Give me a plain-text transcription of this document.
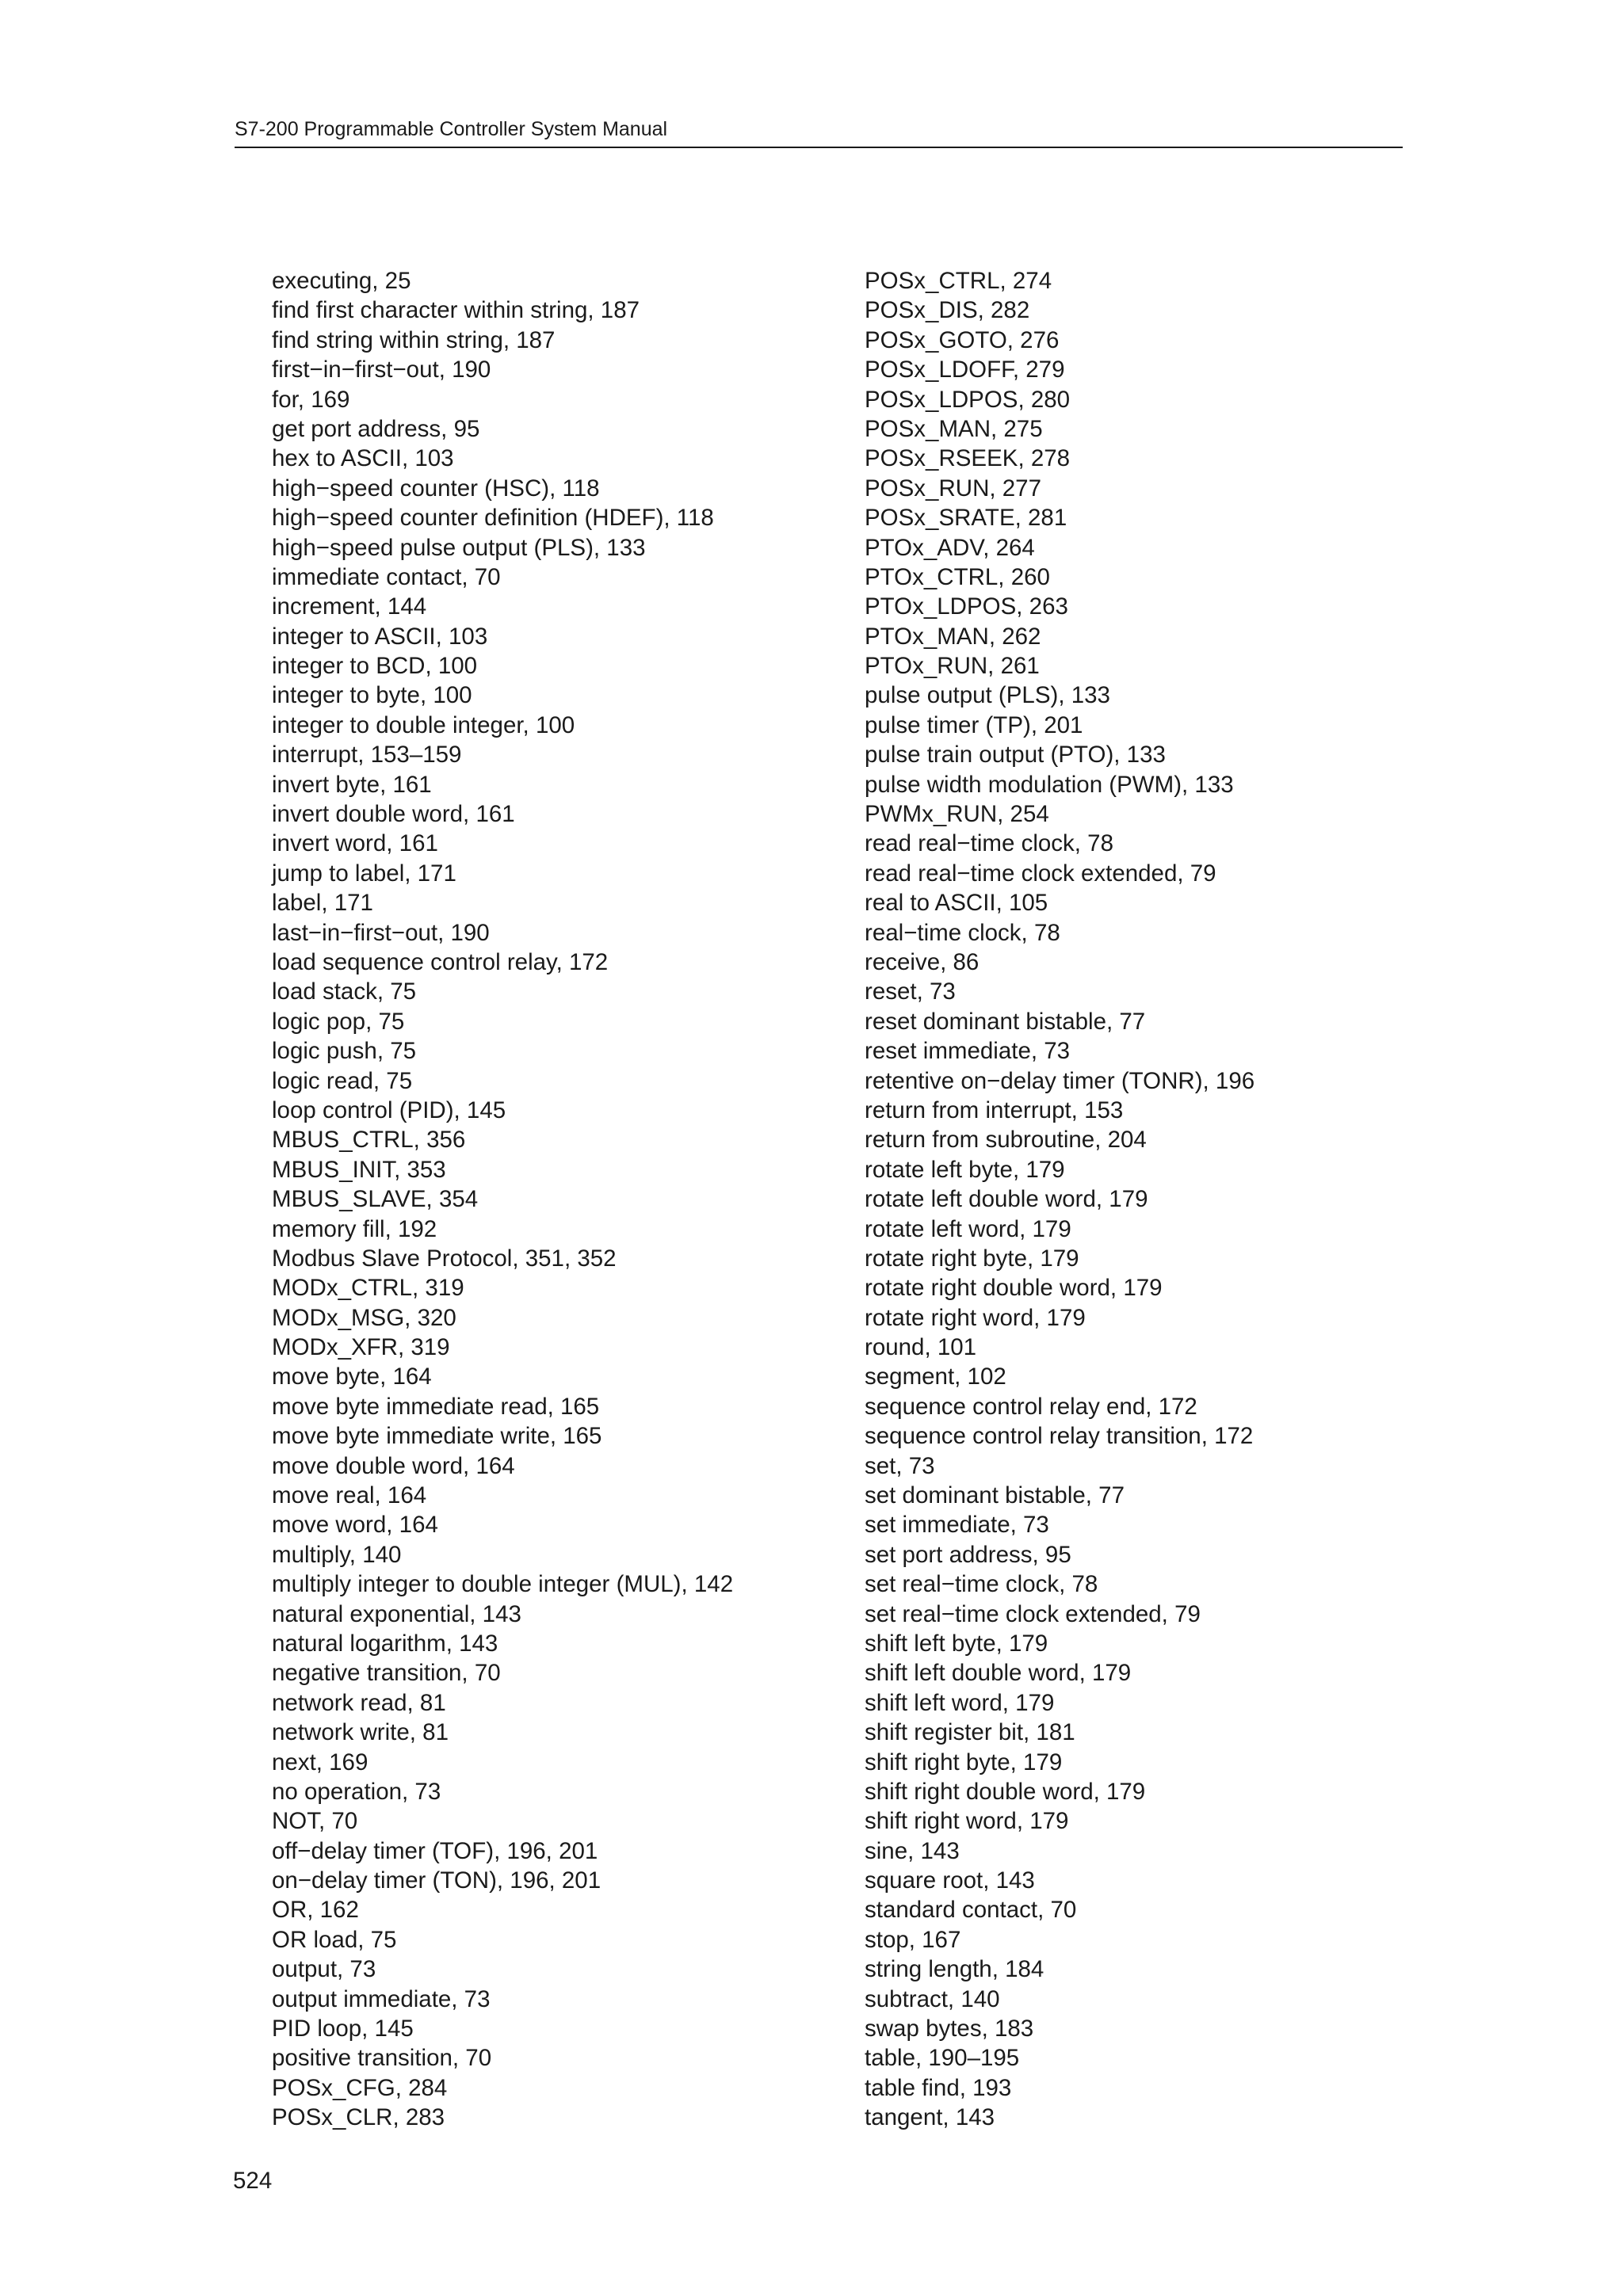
S7-200 Programmable Controller System Manual
executing, 25
find first character within string, 187
find string within string, 187
first−in−first−out, 190
for, 169
get port address, 95
hex to ASCII, 103
high−speed counter (HSC), 118
high−speed counter definition (HDEF), 118
high−speed pulse output (PLS), 133
immediate contact, 70
increment, 144
integer to ASCII, 103
integer to BCD, 100
integer to byte, 100
integer to double integer, 100
interrupt, 153–159
invert byte, 161
invert double word, 161
invert word, 161
jump to label, 171
label, 171
last−in−first−out, 190
load sequence control relay, 172
load stack, 75
logic pop, 75
logic push, 75
logic read, 75
loop control (PID), 145
MBUS_CTRL, 356
MBUS_INIT, 353
MBUS_SLAVE, 354
memory fill, 192
Modbus Slave Protocol, 351, 352
MODx_CTRL, 319
MODx_MSG, 320
MODx_XFR, 319
move byte, 164
move byte immediate read, 165
move byte immediate write, 165
move double word, 164
move real, 164
move word, 164
multiply, 140
multiply integer to double integer (MUL), 142
natural exponential, 143
natural logarithm, 143
negative transition, 70
network read, 81
network write, 81
next, 169
no operation, 73
NOT, 70
off−delay timer (TOF), 196, 201
on−delay timer (TON), 196, 201
OR, 162
OR load, 75
output, 73
output immediate, 73
PID loop, 145
positive transition, 70
POSx_CFG, 284
POSx_CLR, 283
POSx_CTRL, 274
POSx_DIS, 282
POSx_GOTO, 276
POSx_LDOFF, 279
POSx_LDPOS, 280
POSx_MAN, 275
POSx_RSEEK, 278
POSx_RUN, 277
POSx_SRATE, 281
PTOx_ADV, 264
PTOx_CTRL, 260
PTOx_LDPOS, 263
PTOx_MAN, 262
PTOx_RUN, 261
pulse output (PLS), 133
pulse timer (TP), 201
pulse train output (PTO), 133
pulse width modulation (PWM), 133
PWMx_RUN, 254
read real−time clock, 78
read real−time clock extended, 79
real to ASCII, 105
real−time clock, 78
receive, 86
reset, 73
reset dominant bistable, 77
reset immediate, 73
retentive on−delay timer (TONR), 196
return from interrupt, 153
return from subroutine, 204
rotate left byte, 179
rotate left double word, 179
rotate left word, 179
rotate right byte, 179
rotate right double word, 179
rotate right word, 179
round, 101
segment, 102
sequence control relay end, 172
sequence control relay transition, 172
set, 73
set dominant bistable, 77
set immediate, 73
set port address, 95
set real−time clock, 78
set real−time clock extended, 79
shift left byte, 179
shift left double word, 179
shift left word, 179
shift register bit, 181
shift right byte, 179
shift right double word, 179
shift right word, 179
sine, 143
square root, 143
standard contact, 70
stop, 167
string length, 184
subtract, 140
swap bytes, 183
table, 190–195
table find, 193
tangent, 143
524
